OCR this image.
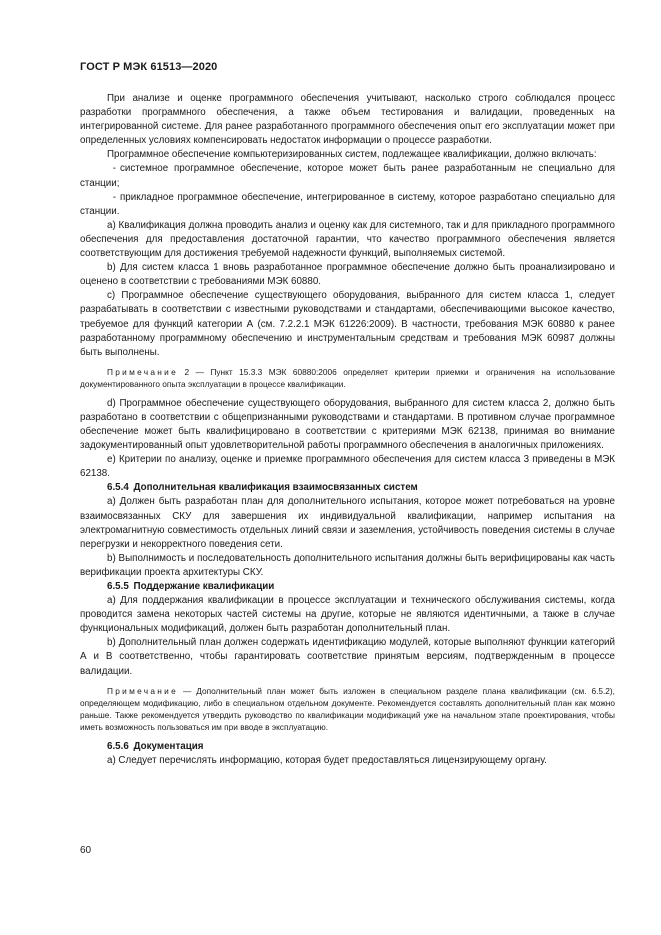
ГОСТ Р МЭК 61513—2020

При анализе и оценке программного обеспечения учитывают, насколько строго соблюдался процесс разработки программного обеспечения, а также объем тестирования и валидации, проведенных на интегрированной системе. Для ранее разработанного программного обеспечения опыт его эксплуатации может при определенных условиях компенсировать недостаток информации о процессе разработки.

Программное обеспечение компьютеризированных систем, подлежащее квалификации, должно включать:

- системное программное обеспечение, которое может быть ранее разработанным не специально для станции;

- прикладное программное обеспечение, интегрированное в систему, которое разработано специально для станции.

a) Квалификация должна проводить анализ и оценку как для системного, так и для прикладного программного обеспечения для предоставления достаточной гарантии, что качество программного обеспечения является соответствующим для достижения требуемой надежности функций, выполняемых системой.

b) Для систем класса 1 вновь разработанное программное обеспечение должно быть проанализировано и оценено в соответствии с требованиями МЭК 60880.

c) Программное обеспечение существующего оборудования, выбранного для систем класса 1, следует разрабатывать в соответствии с известными руководствами и стандартами, обеспечивающими высокое качество, требуемое для функций категории А (см. 7.2.2.1 МЭК 61226:2009). В частности, требования МЭК 60880 к ранее разработанному программному обеспечению и инструментальным средствам и требования МЭК 60987 должны быть выполнены.

Примечание 2 — Пункт 15.3.3 МЭК 60880:2006 определяет критерии приемки и ограничения на использование документированного опыта эксплуатации в процессе квалификации.

d) Программное обеспечение существующего оборудования, выбранного для систем класса 2, должно быть разработано в соответствии с общепризнанными руководствами и стандартами. В противном случае программное обеспечение может быть квалифицировано в соответствии с критериями МЭК 62138, принимая во внимание задокументированный опыт удовлетворительной работы программного обеспечения в аналогичных приложениях.

e) Критерии по анализу, оценке и приемке программного обеспечения для систем класса 3 приведены в МЭК 62138.

6.5.4 Дополнительная квалификация взаимосвязанных систем

a) Должен быть разработан план для дополнительного испытания, которое может потребоваться на уровне взаимосвязанных СКУ для завершения их индивидуальной квалификации, например испытания на электромагнитную совместимость отдельных линий связи и заземления, устойчивость поведения системы в случае перегрузки и некорректного поведения сети.

b) Выполнимость и последовательность дополнительного испытания должны быть верифицированы как часть верификации проекта архитектуры СКУ.

6.5.5 Поддержание квалификации

a) Для поддержания квалификации в процессе эксплуатации и технического обслуживания системы, когда проводится замена некоторых частей системы на другие, которые не являются идентичными, а также в случае функциональных модификаций, должен быть разработан дополнительный план.

b) Дополнительный план должен содержать идентификацию модулей, которые выполняют функции категорий А и В соответственно, чтобы гарантировать соответствие принятым версиям, подтвержденным в процессе валидации.

Примечание — Дополнительный план может быть изложен в специальном разделе плана квалификации (см. 6.5.2), определяющем модификацию, либо в специальном отдельном документе. Рекомендуется составлять дополнительный план как можно раньше. Также рекомендуется утвердить руководство по квалификации модификаций уже на начальном этапе проектирования, чтобы иметь возможность пользоваться им при вводе в эксплуатацию.

6.5.6 Документация

a) Следует перечислять информацию, которая будет предоставляться лицензирующему органу.

60
